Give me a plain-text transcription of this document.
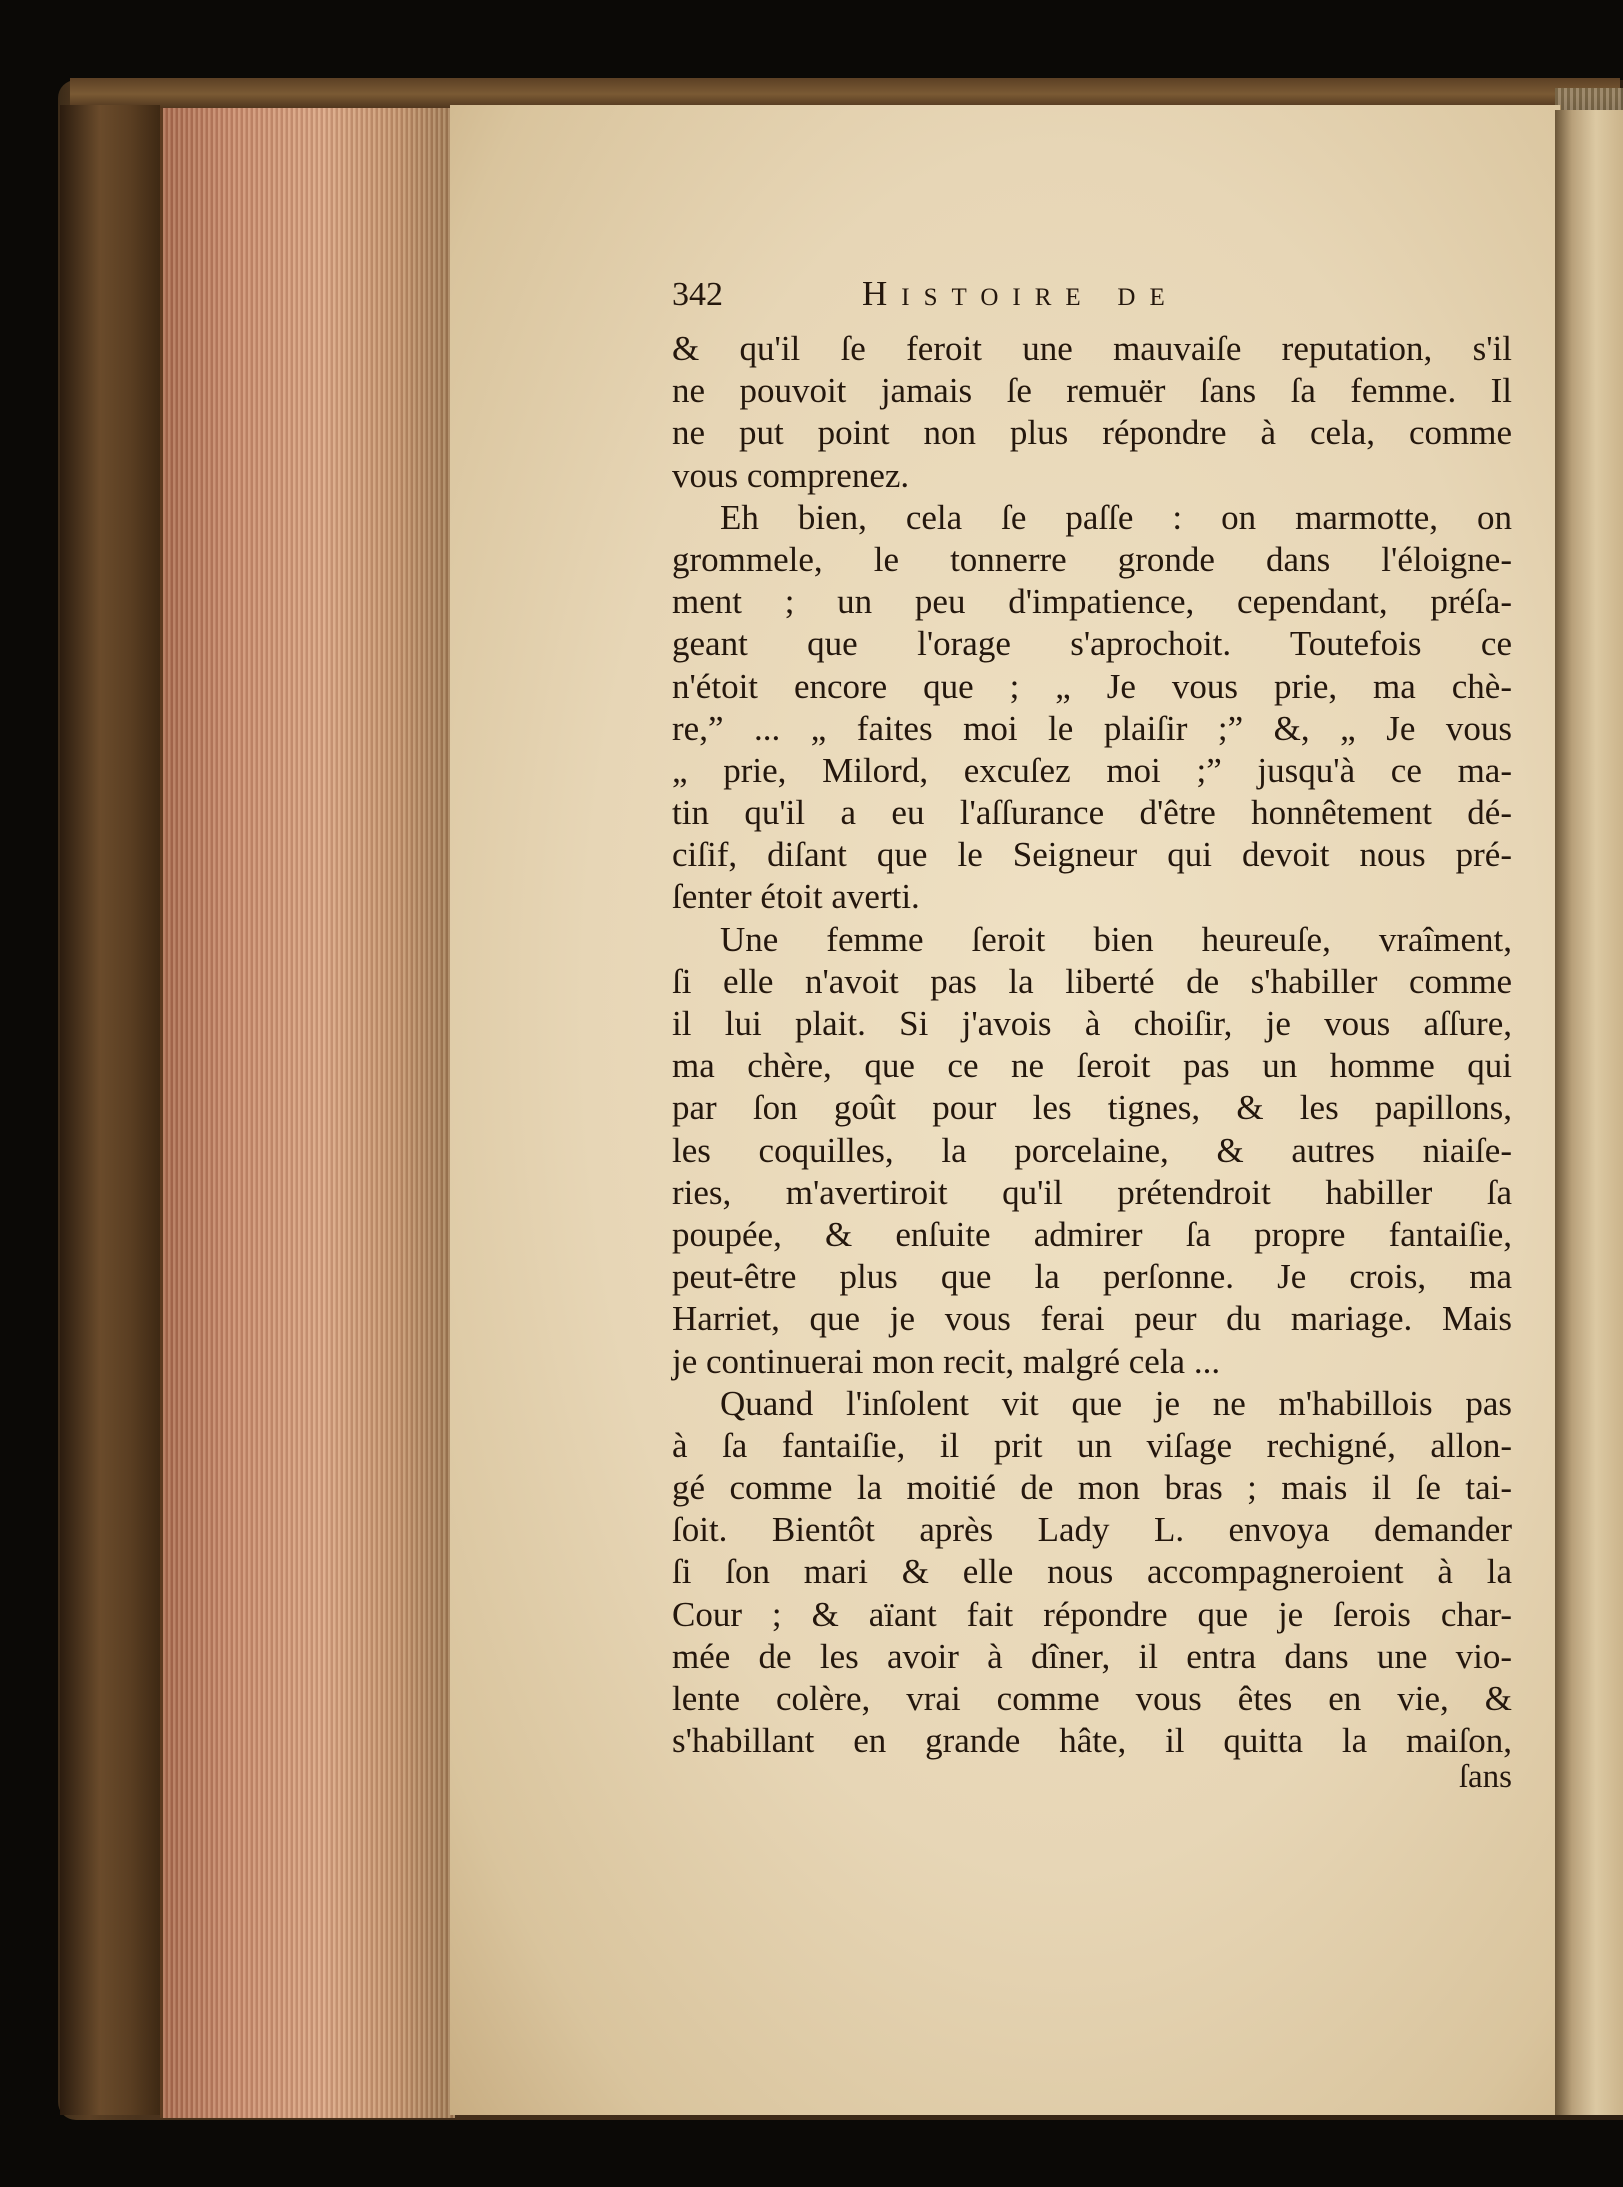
342	Histoire de
& qu'il ſe feroit une mauvaiſe reputation, s'il
ne pouvoit jamais ſe remuër ſans ſa femme. Il
ne put point non plus répondre à cela, comme
vous comprenez.
Eh bien, cela ſe paſſe : on marmotte, on
grommele, le tonnerre gronde dans l'éloigne-
ment ; un peu d'impatience, cependant, préſa-
geant que l'orage s'aprochoit. Toutefois ce
n'étoit encore que ; „ Je vous prie, ma chè-
re,” ... „ faites moi le plaiſir ;” &, „ Je vous
„ prie, Milord, excuſez moi ;” jusqu'à ce ma-
tin qu'il a eu l'aſſurance d'être honnêtement dé-
ciſif, diſant que le Seigneur qui devoit nous pré-
ſenter étoit averti.
Une femme ſeroit bien heureuſe, vraîment,
ſi elle n'avoit pas la liberté de s'habiller comme
il lui plait. Si j'avois à choiſir, je vous aſſure,
ma chère, que ce ne ſeroit pas un homme qui
par ſon goût pour les tignes, & les papillons,
les coquilles, la porcelaine, & autres niaiſe-
ries, m'avertiroit qu'il prétendroit habiller ſa
poupée, & enſuite admirer ſa propre fantaiſie,
peut-être plus que la perſonne. Je crois, ma
Harriet, que je vous ferai peur du mariage. Mais
je continuerai mon recit, malgré cela ...
Quand l'inſolent vit que je ne m'habillois pas
à ſa fantaiſie, il prit un viſage rechigné, allon-
gé comme la moitié de mon bras ; mais il ſe tai-
ſoit. Bientôt après Lady L. envoya demander
ſi ſon mari & elle nous accompagneroient à la
Cour ; & aïant fait répondre que je ſerois char-
mée de les avoir à dîner, il entra dans une vio-
lente colère, vrai comme vous êtes en vie, &
s'habillant en grande hâte, il quitta la maiſon,
ſans
